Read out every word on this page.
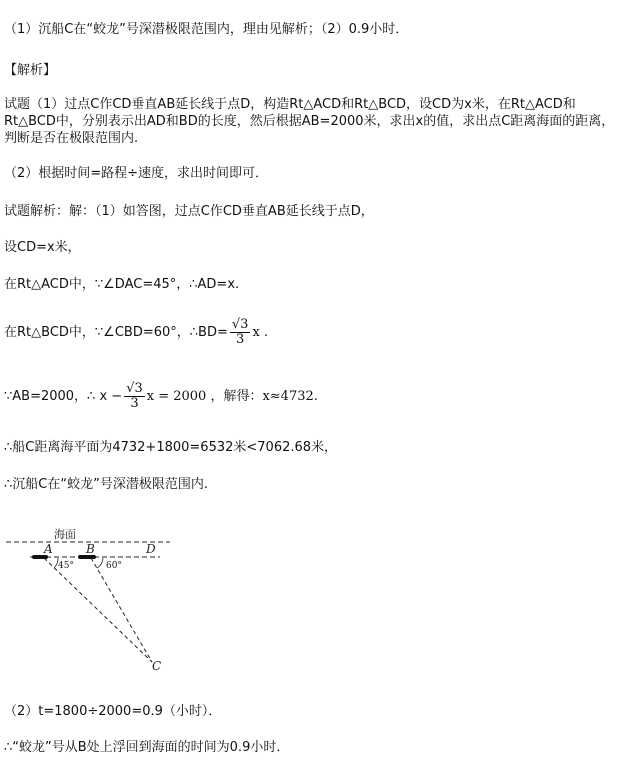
（1）沉船C在“蛟龙”号深潜极限范围内，理由见解析；（2）0.9小时．
【解析】
试题（1）过点C作CD垂直AB延长线于点D，构造Rt△ACD和Rt△BCD，设CD为x米，在Rt△ACD和Rt△BCD中，分别表示出AD和BD的长度，然后根据AB=2000米，求出x的值，求出点C距离海面的距离，判断是否在极限范围内.
（2）根据时间=路程÷速度，求出时间即可．
试题解析：解：（1）如答图，过点C作CD垂直AB延长线于点D，
设CD=x米，
在Rt△ACD中，∵∠DAC=45°，∴AD=x.
在Rt△BCD中，∵∠CBD=60°，∴BD= $\frac{√3}{3}$ x .
∵AB=2000，∴ $x - \frac{√3}{3}$ x = 2000 ，解得：x≈4732.
∴船C距离海平面为4732+1800=6532米<7062.68米，
∴沉船C在“蛟龙”号深潜极限范围内.
海面
A	B	D
C
45°	60°
（2）t=1800÷2000=0.9（小时）．
∴“蛟龙”号从B处上浮回到海面的时间为0.9小时．
